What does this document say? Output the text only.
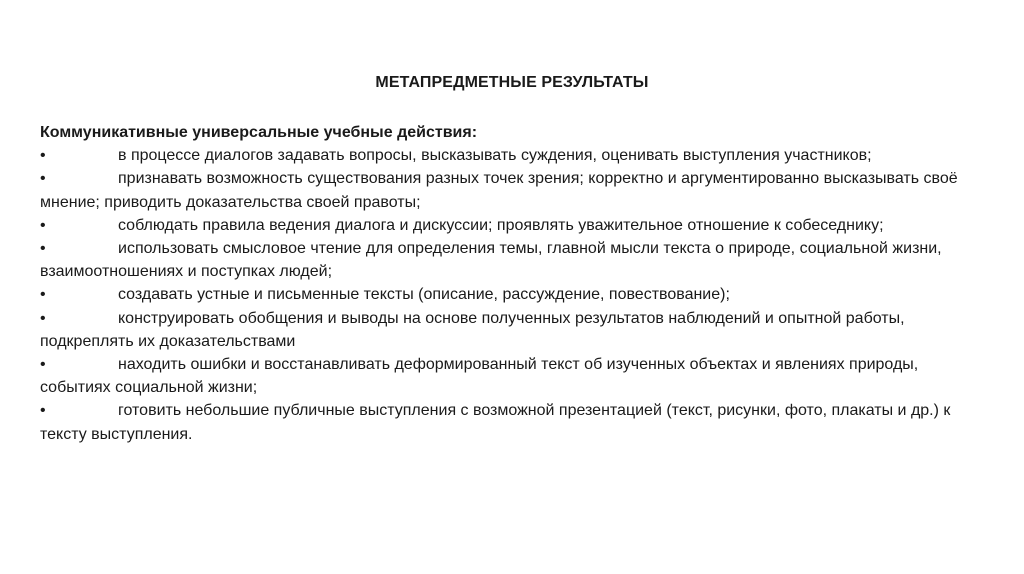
МЕТАПРЕДМЕТНЫЕ РЕЗУЛЬТАТЫ
Коммуникативные универсальные учебные действия:
•	в процессе диалогов задавать вопросы, высказывать суждения, оценивать выступления участников;
•	признавать возможность существования разных точек зрения; корректно и аргументированно высказывать своё мнение; приводить доказательства своей правоты;
•	соблюдать правила ведения диалога и дискуссии; проявлять уважительное отношение к собеседнику;
•	использовать смысловое чтение для определения темы, главной мысли текста о природе, социальной жизни, взаимоотношениях и поступках людей;
•	создавать устные и письменные тексты (описание, рассуждение, повествование);
•	конструировать обобщения и выводы на основе полученных результатов наблюдений и опытной работы, подкреплять их доказательствами
•	находить ошибки и восстанавливать деформированный текст об изученных объектах и явлениях природы, событиях социальной жизни;
•	готовить небольшие публичные выступления с возможной презентацией (текст, рисунки, фото, плакаты и др.) к тексту выступления.
